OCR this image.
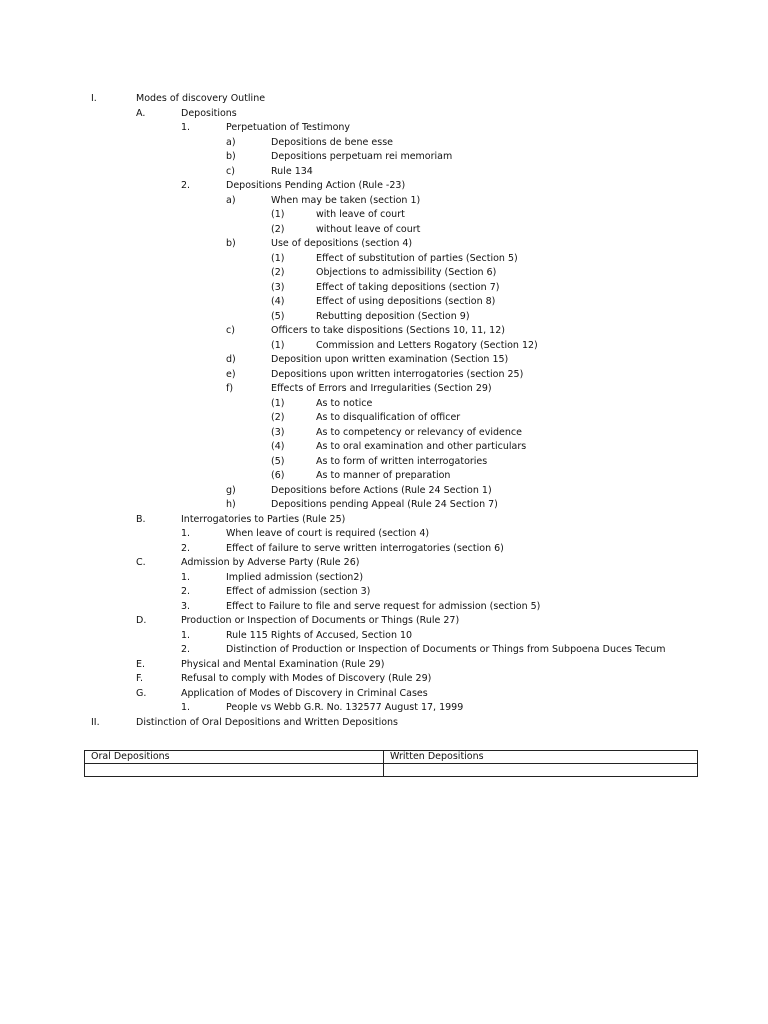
I.	Modes of discovery Outline
A.	Depositions
1.	Perpetuation of Testimony
a)	Depositions de bene esse
b)	Depositions perpetuam rei memoriam
c)	Rule 134
2.	Depositions Pending Action (Rule -23)
a)	When may be taken (section 1)
(1)	with leave of court
(2)	without leave of court
b)	Use of depositions (section 4)
(1)	Effect of substitution of parties (Section 5)
(2)	Objections to admissibility (Section 6)
(3)	Effect of taking depositions (section 7)
(4)	Effect of using depositions (section 8)
(5)	Rebutting deposition (Section 9)
c)	Officers to take dispositions (Sections 10, 11, 12)
(1)	Commission and Letters Rogatory (Section 12)
d)	Deposition upon written examination (Section 15)
e)	Depositions upon written interrogatories (section 25)
f)	Effects of Errors and Irregularities (Section 29)
(1)	As to notice
(2)	As to disqualification of officer
(3)	As to competency or relevancy of evidence
(4)	As to oral examination and other particulars
(5)	As to form of written interrogatories
(6)	As to manner of preparation
g)	Depositions before Actions (Rule 24 Section 1)
h)	Depositions pending Appeal (Rule 24 Section 7)
B.	Interrogatories to Parties (Rule 25)
1.	When leave of court is required (section 4)
2.	Effect of failure to serve written interrogatories (section 6)
C.	Admission by Adverse Party (Rule 26)
1.	Implied admission (section2)
2.	Effect of admission (section 3)
3.	Effect to Failure to file and serve request for admission (section 5)
D.	Production or Inspection of Documents or Things (Rule 27)
1.	Rule 115 Rights of Accused, Section 10
2.	Distinction of Production or Inspection of Documents or Things from Subpoena Duces Tecum
E.	Physical and Mental Examination (Rule 29)
F.	Refusal to comply with Modes of Discovery (Rule 29)
G.	Application of Modes of Discovery in Criminal Cases
1.	People vs Webb G.R. No. 132577 August 17, 1999
II.	Distinction of Oral Depositions and Written Depositions
Oral Depositions	Written Depositions
